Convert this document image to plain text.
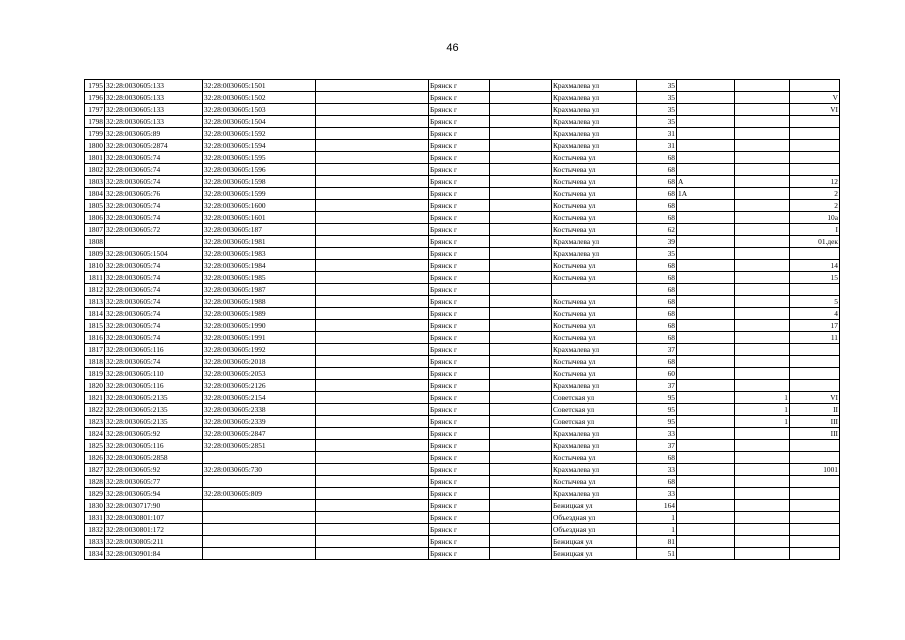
46
1795	32:28:0030605:133	32:28:0030605:1501		Брянск г		Крахмалева ул	35			
1796	32:28:0030605:133	32:28:0030605:1502		Брянск г		Крахмалева ул	35			V
1797	32:28:0030605:133	32:28:0030605:1503		Брянск г		Крахмалева ул	35			VI
1798	32:28:0030605:133	32:28:0030605:1504		Брянск г		Крахмалева ул	35			
1799	32:28:0030605:89	32:28:0030605:1592		Брянск г		Крахмалева ул	31			
1800	32:28:0030605:2874	32:28:0030605:1594		Брянск г		Крахмалева ул	31			
1801	32:28:0030605:74	32:28:0030605:1595		Брянск г		Костычева ул	68			
1802	32:28:0030605:74	32:28:0030605:1596		Брянск г		Костычева ул	68			
1803	32:28:0030605:74	32:28:0030605:1598		Брянск г		Костычева ул	68	А		12
1804	32:28:0030605:76	32:28:0030605:1599		Брянск г		Костычева ул	68	1А		2
1805	32:28:0030605:74	32:28:0030605:1600		Брянск г		Костычева ул	68			2
1806	32:28:0030605:74	32:28:0030605:1601		Брянск г		Костычева ул	68			10а
1807	32:28:0030605:72	32:28:0030605:187		Брянск г		Костычева ул	62			I
1808		32:28:0030605:1981		Брянск г		Крахмалева ул	39			01.дек
1809	32:28:0030605:1504	32:28:0030605:1983		Брянск г		Крахмалева ул	35			
1810	32:28:0030605:74	32:28:0030605:1984		Брянск г		Костычева ул	68			14
1811	32:28:0030605:74	32:28:0030605:1985		Брянск г		Костычева ул	68			15
1812	32:28:0030605:74	32:28:0030605:1987		Брянск г			68			
1813	32:28:0030605:74	32:28:0030605:1988		Брянск г		Костычева ул	68			5
1814	32:28:0030605:74	32:28:0030605:1989		Брянск г		Костычева ул	68			4
1815	32:28:0030605:74	32:28:0030605:1990		Брянск г		Костычева ул	68			17
1816	32:28:0030605:74	32:28:0030605:1991		Брянск г		Костычева ул	68			11
1817	32:28:0030605:116	32:28:0030605:1992		Брянск г		Крахмалева ул	37			
1818	32:28:0030605:74	32:28:0030605:2018		Брянск г		Костычева ул	68			
1819	32:28:0030605:110	32:28:0030605:2053		Брянск г		Костычева ул	60			
1820	32:28:0030605:116	32:28:0030605:2126		Брянск г		Крахмалева ул	37			
1821	32:28:0030605:2135	32:28:0030605:2154		Брянск г		Советская ул	95		1	VI
1822	32:28:0030605:2135	32:28:0030605:2338		Брянск г		Советская ул	95		1	II
1823	32:28:0030605:2135	32:28:0030605:2339		Брянск г		Советская ул	95		1	III
1824	32:28:0030605:92	32:28:0030605:2847		Брянск г		Крахмалева ул	33			III
1825	32:28:0030605:116	32:28:0030605:2851		Брянск г		Крахмалева ул	37			
1826	32:28:0030605:2858			Брянск г		Костычева ул	68			
1827	32:28:0030605:92	32:28:0030605:730		Брянск г		Крахмалева ул	33			1001
1828	32:28:0030605:77			Брянск г		Костычева ул	68			
1829	32:28:0030605:94	32:28:0030605:809		Брянск г		Крахмалева ул	33			
1830	32:28:0030717:90			Брянск г		Бежицкая ул	164			
1831	32:28:0030801:107			Брянск г		Объездная ул	1			
1832	32:28:0030801:172			Брянск г		Объездная ул	1			
1833	32:28:0030805:211			Брянск г		Бежицкая ул	81			
1834	32:28:0030901:84			Брянск г		Бежицкая ул	51			
